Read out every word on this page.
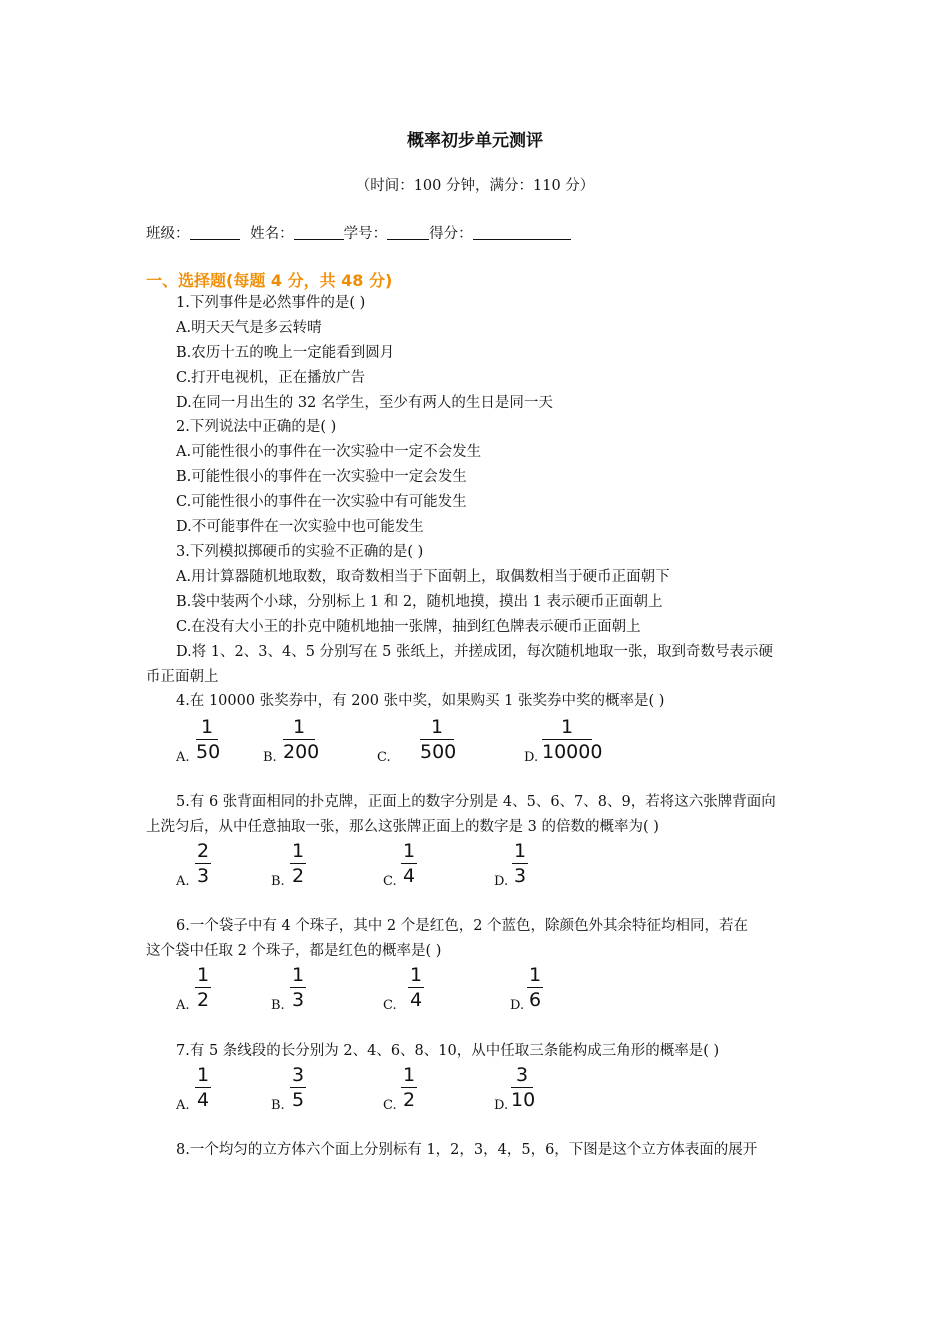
概率初步单元测评
（时间：100 分钟，满分：110 分）
班级：	姓名：	学号：	得分：
一、选择题(每题 4 分，共 48 分)
1.下列事件是必然事件的是( )
A.明天天气是多云转晴
B.农历十五的晚上一定能看到圆月
C.打开电视机，正在播放广告
D.在同一月出生的 32 名学生，至少有两人的生日是同一天
2.下列说法中正确的是( )
A.可能性很小的事件在一次实验中一定不会发生
B.可能性很小的事件在一次实验中一定会发生
C.可能性很小的事件在一次实验中有可能发生
D.不可能事件在一次实验中也可能发生
3.下列模拟掷硬币的实验不正确的是( )
A.用计算器随机地取数，取奇数相当于下面朝上，取偶数相当于硬币正面朝下
B.袋中装两个小球，分别标上 1 和 2，随机地摸，摸出 1 表示硬币正面朝上
C.在没有大小王的扑克中随机地抽一张牌，抽到红色牌表示硬币正面朝上
D.将 1、2、3、4、5 分别写在 5 张纸上，并搓成团，每次随机地取一张，取到奇数号表示硬
币正面朝上
4.在 10000 张奖券中，有 200 张中奖，如果购买 1 张奖券中奖的概率是( )
A.
1
50	B.
1
200	C.
1
500	D.
1
10000
5.有 6 张背面相同的扑克牌，正面上的数字分别是 4、5、6、7、8、9，若将这六张牌背面向
上洗匀后，从中任意抽取一张，那么这张牌正面上的数字是 3 的倍数的概率为( )
A.
2
3	B.
1
2	C.
1
4	D.
1
3
6.一个袋子中有 4 个珠子，其中 2 个是红色，2 个蓝色，除颜色外其余特征均相同，若在
这个袋中任取 2 个珠子，都是红色的概率是( )
A.
1
2	B.
1
3	C.
1
4	D.
1
6
7.有 5 条线段的长分别为 2、4、6、8、10，从中任取三条能构成三角形的概率是( )
A.
1
4	B.
3
5	C.
1
2	D.
3
10
8.一个均匀的立方体六个面上分别标有 1，2，3，4，5，6，下图是这个立方体表面的展开
